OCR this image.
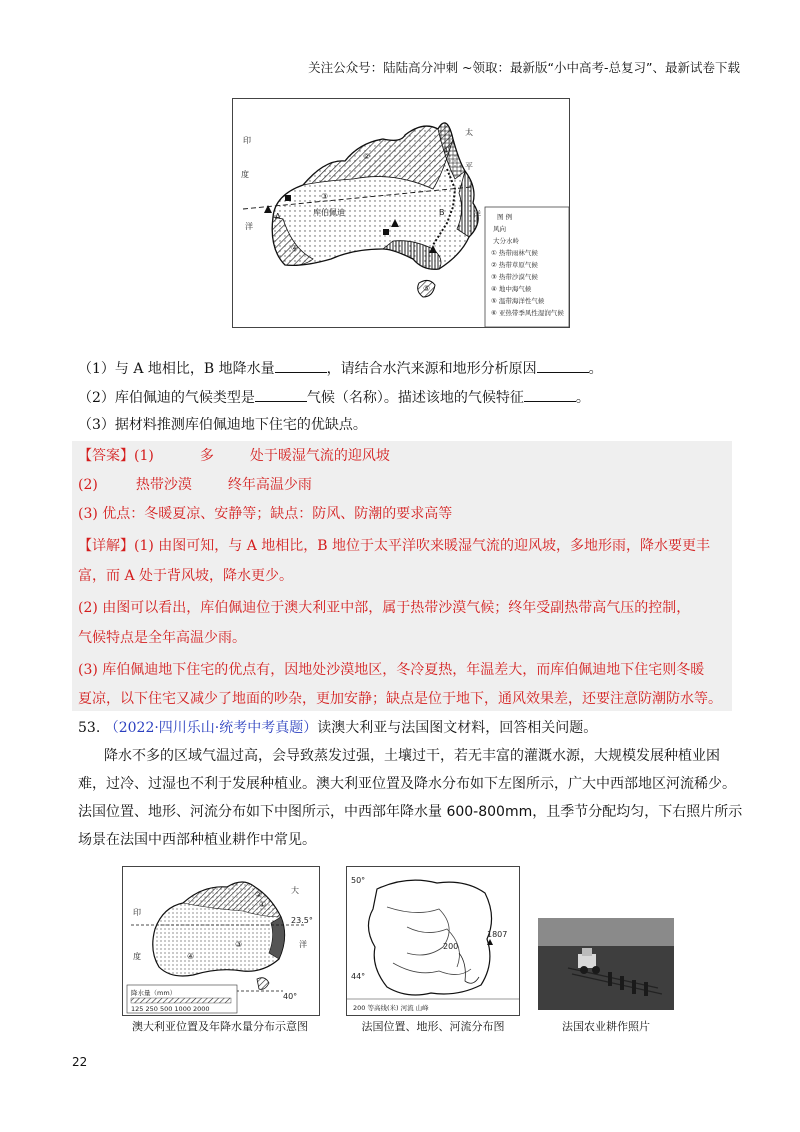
关注公众号：陆陆高分冲刺 ~领取：最新版“小中高考-总复习”、最新试卷下载
印
度
洋
太
平
洋
库伯佩迪
A	B
②
③
④
⑤
①
图 例
风向
大分水岭
① 热带雨林气候
② 热带草原气候
③ 热带沙漠气候
④ 地中海气候
⑤ 温带海洋性气候
⑥ 亚热带季风性湿润气候
（1）与 A 地相比，B 地降水量	，请结合水汽来源和地形分析原因	。
（2）库伯佩迪的气候类型是	气候（名称）。描述该地的气候特征	。
（3）据材料推测库伯佩迪地下住宅的优缺点。
【答案】(1)	多	处于暖湿气流的迎风坡
(2)	热带沙漠	终年高温少雨
(3) 优点：冬暖夏凉、安静等；缺点：防风、防潮的要求高等
【详解】(1) 由图可知，与 A 地相比，B 地位于太平洋吹来暖湿气流的迎风坡，多地形雨，降水要更丰
富，而 A 处于背风坡，降水更少。
(2) 由图可以看出，库伯佩迪位于澳大利亚中部，属于热带沙漠气候；终年受副热带高气压的控制，
气候特点是全年高温少雨。
(3) 库伯佩迪地下住宅的优点有，因地处沙漠地区，冬冷夏热，年温差大，而库伯佩迪地下住宅则冬暖
夏凉，以下住宅又减少了地面的吵杂，更加安静；缺点是位于地下，通风效果差，还要注意防潮防水等。
53. （2022·四川乐山·统考中考真题）读澳大利亚与法国图文材料，回答相关问题。
降水不多的区域气温过高，会导致蒸发过强，土壤过干，若无丰富的灌溉水源，大规模发展种植业困
难，过冷、过湿也不利于发展种植业。澳大利亚位置及降水分布如下左图所示，广大中西部地区河流稀少。
法国位置、地形、河流分布如下中图所示，中西部年降水量 600-800mm，且季节分配均匀，下右照片所示
场景在法国中西部种植业耕作中常见。
23.5°
40°
大
洋
印
度
①
②
③
④
降水量（mm）
125 250 500 1000 2000
澳大利亚位置及年降水量分布示意图
50°
44°
1807
200
200 等高线(米) 河流 山峰
法国位置、地形、河流分布图	法国农业耕作照片
22
